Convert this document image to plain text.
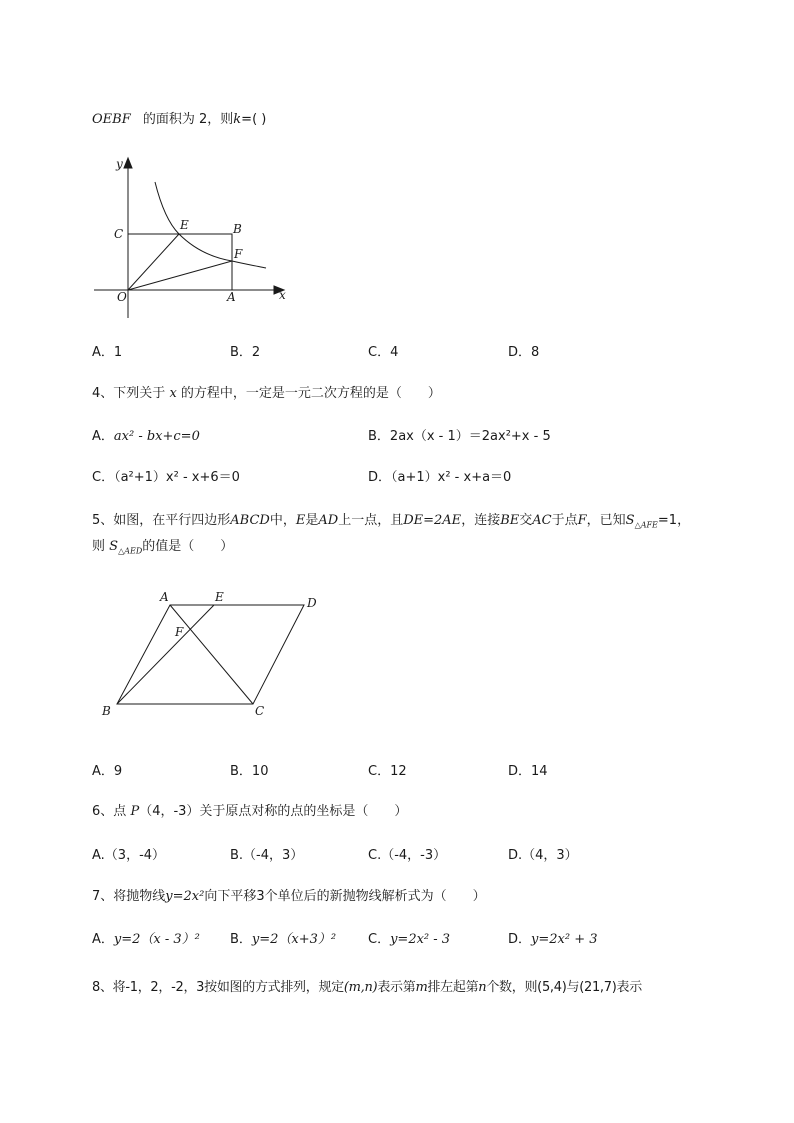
OEBF 的面积为 2，则k=( )
y
x
C
E	B
F
O	A
A．1	B．2	C．4	D．8
4、下列关于 x 的方程中，一定是一元二次方程的是（　　）
A．ax² - bx+c=0	B．2ax（x - 1）＝2ax²+x - 5
C．（a²+1）x² - x+6＝0	D．（a+1）x² - x+a＝0
5、如图，在平行四边形ABCD中，E是AD上一点，且DE=2AE，连接BE交AC于点F，已知$S_{\triangle AFE}=1$，
则 $S_{\triangle AED}$的值是（　　）
A	E	D
F
B	C
A．9	B．10	C．12	D．14
6、点 P（4，-3）关于原点对称的点的坐标是（　　）
A.（3，-4）	B.（-4，3）	C.（-4，-3）	D.（4，3）
7、将抛物线y=2x²向下平移3个单位后的新抛物线解析式为（　　）
A．y=2（x - 3）² B．y=2（x+3）² C．y=2x² - 3	D．y=2x² + 3
8、将-1，2，-2，3按如图的方式排列，规定(m,n)表示第m排左起第n个数，则(5,4)与(21,7)表示
